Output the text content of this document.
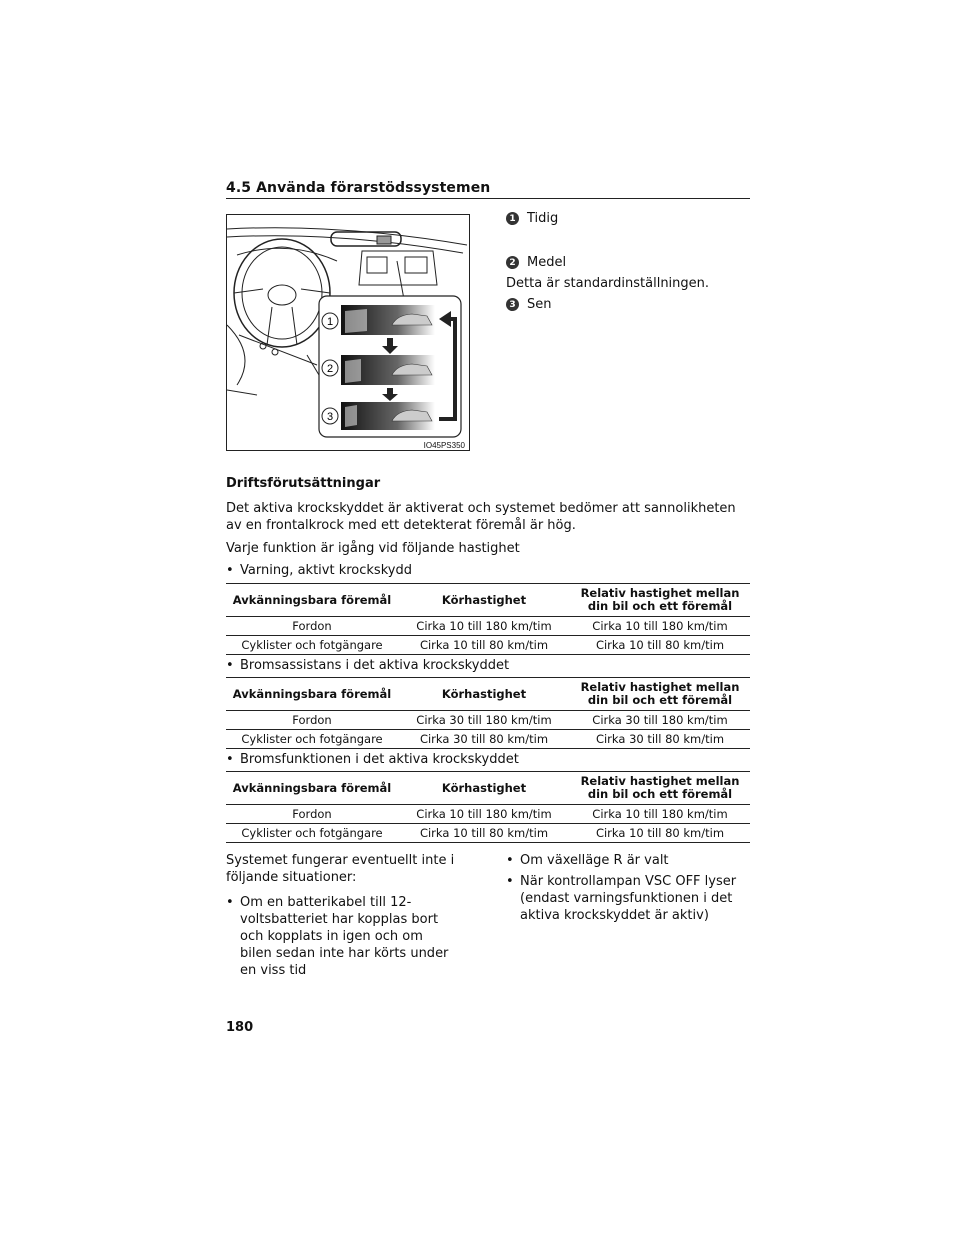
4.5 Använda förarstödssystemen
1
2
3
IO45PS350
1 Tidig
2 Medel
Detta är standardinställningen.
3 Sen
Driftsförutsättningar
Det aktiva krockskyddet är aktiverat och systemet bedömer att sannolikheten av en frontalkrock med ett detekterat föremål är hög.
Varje funktion är igång vid följande hastighet
• Varning, aktivt krockskydd
Avkänningsbara föremål	Körhastighet	Relativ hastighet mellan din bil och ett föremål
Fordon	Cirka 10 till 180 km/tim	Cirka 10 till 180 km/tim
Cyklister och fotgängare	Cirka 10 till 80 km/tim	Cirka 10 till 80 km/tim
• Bromsassistans i det aktiva krockskyddet
Avkänningsbara föremål	Körhastighet	Relativ hastighet mellan din bil och ett föremål
Fordon	Cirka 30 till 180 km/tim	Cirka 30 till 180 km/tim
Cyklister och fotgängare	Cirka 30 till 80 km/tim	Cirka 30 till 80 km/tim
• Bromsfunktionen i det aktiva krockskyddet
Avkänningsbara föremål	Körhastighet	Relativ hastighet mellan din bil och ett föremål
Fordon	Cirka 10 till 180 km/tim	Cirka 10 till 180 km/tim
Cyklister och fotgängare	Cirka 10 till 80 km/tim	Cirka 10 till 80 km/tim
Systemet fungerar eventuellt inte i följande situationer:
• Om en batterikabel till 12-voltsbatteriet har kopplas bort och kopplats in igen och om bilen sedan inte har körts under en viss tid
• Om växelläge R är valt
• När kontrollampan VSC OFF lyser (endast varningsfunktionen i det aktiva krockskyddet är aktiv)
180
